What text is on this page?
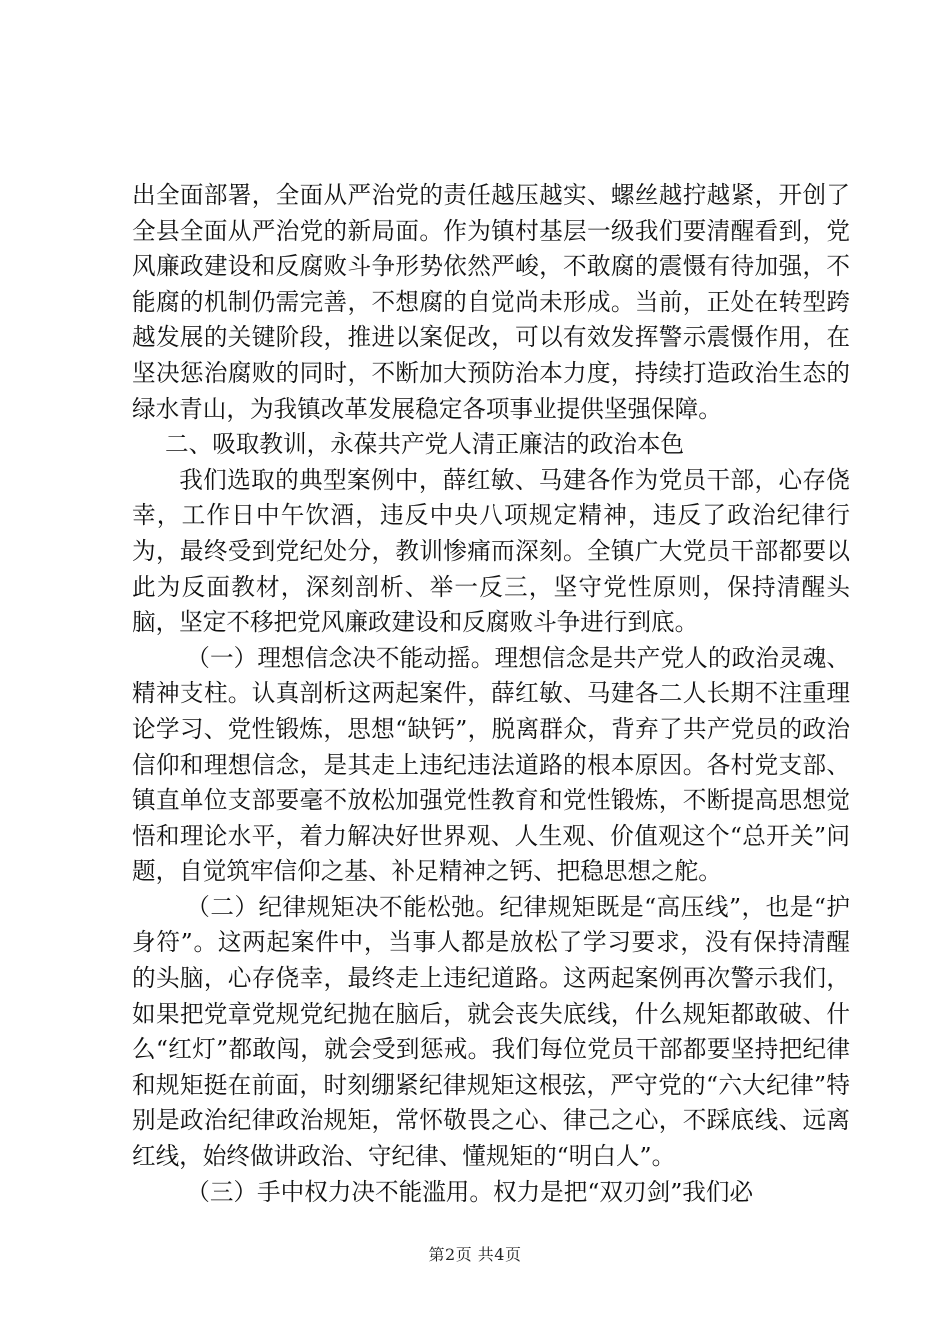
出全面部署，全面从严治党的责任越压越实、螺丝越拧越紧，开创了全县全面从严治党的新局面。作为镇村基层一级我们要清醒看到，党风廉政建设和反腐败斗争形势依然严峻，不敢腐的震慑有待加强，不能腐的机制仍需完善，不想腐的自觉尚未形成。当前，正处在转型跨越发展的关键阶段，推进以案促改，可以有效发挥警示震慑作用，在坚决惩治腐败的同时，不断加大预防治本力度，持续打造政治生态的绿水青山，为我镇改革发展稳定各项事业提供坚强保障。

二、吸取教训，永葆共产党人清正廉洁的政治本色

我们选取的典型案例中，薛红敏、马建各作为党员干部，心存侥幸，工作日中午饮酒，违反中央八项规定精神，违反了政治纪律行为，最终受到党纪处分，教训惨痛而深刻。全镇广大党员干部都要以此为反面教材，深刻剖析、举一反三，坚守党性原则，保持清醒头脑，坚定不移把党风廉政建设和反腐败斗争进行到底。

（一）理想信念决不能动摇。理想信念是共产党人的政治灵魂、精神支柱。认真剖析这两起案件，薛红敏、马建各二人长期不注重理论学习、党性锻炼，思想“缺钙”，脱离群众，背弃了共产党员的政治信仰和理想信念，是其走上违纪违法道路的根本原因。各村党支部、镇直单位支部要毫不放松加强党性教育和党性锻炼，不断提高思想觉悟和理论水平，着力解决好世界观、人生观、价值观这个“总开关”问题，自觉筑牢信仰之基、补足精神之钙、把稳思想之舵。

（二）纪律规矩决不能松弛。纪律规矩既是“高压线”，也是“护身符”。这两起案件中，当事人都是放松了学习要求，没有保持清醒的头脑，心存侥幸，最终走上违纪道路。这两起案例再次警示我们，如果把党章党规党纪抛在脑后，就会丧失底线，什么规矩都敢破、什么“红灯”都敢闯，就会受到惩戒。我们每位党员干部都要坚持把纪律和规矩挺在前面，时刻绷紧纪律规矩这根弦，严守党的“六大纪律”特别是政治纪律政治规矩，常怀敬畏之心、律己之心，不踩底线、远离红线，始终做讲政治、守纪律、懂规矩的“明白人”。

（三）手中权力决不能滥用。权力是把“双刃剑”我们必

第2页 共4页
